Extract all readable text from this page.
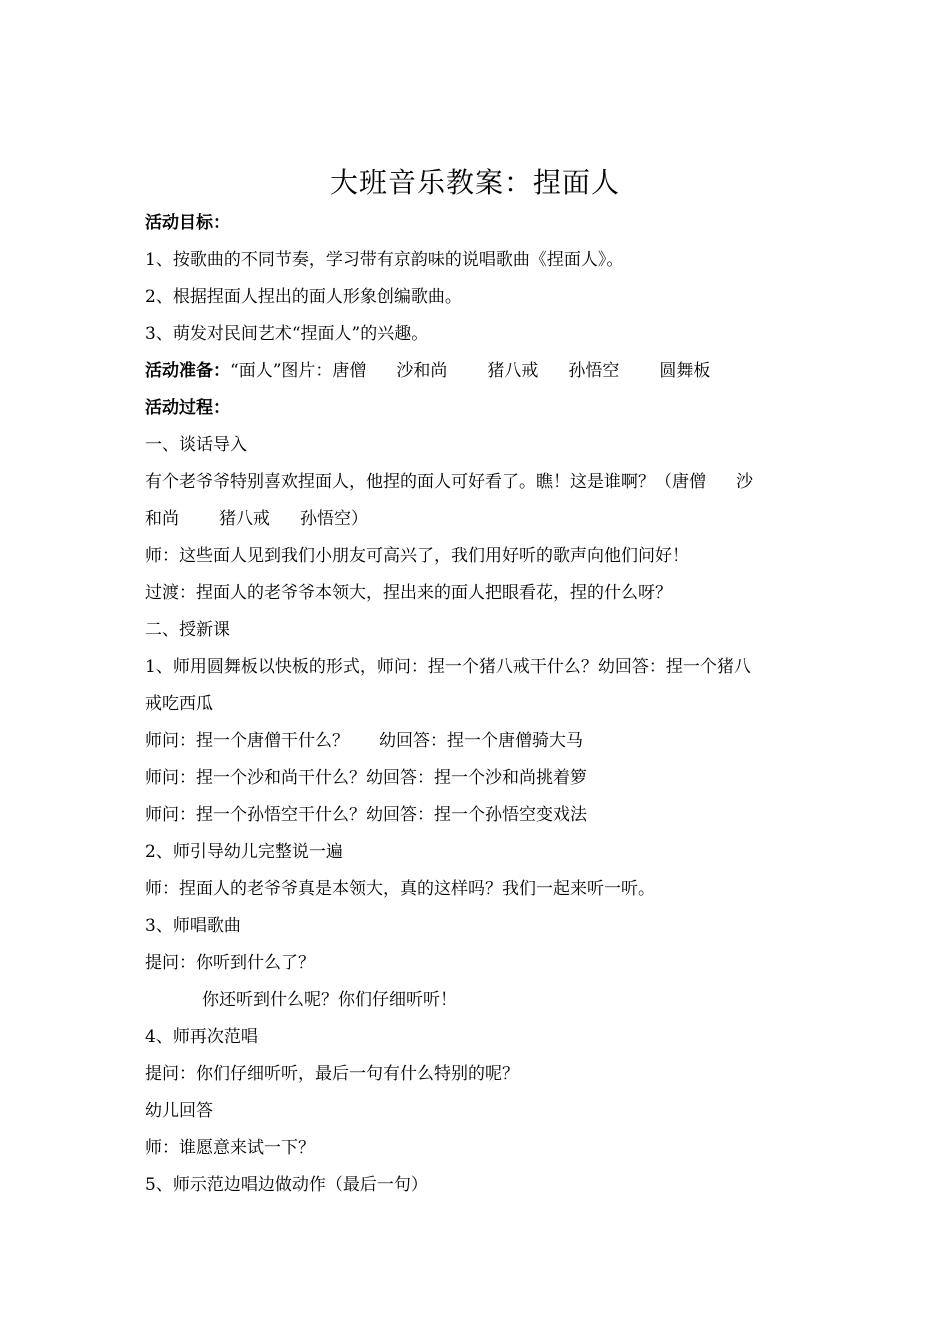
大班音乐教案：捏面人
活动目标：
1、按歌曲的不同节奏，学习带有京韵味的说唱歌曲《捏面人》。
2、根据捏面人捏出的面人形象创编歌曲。
3、萌发对民间艺术“捏面人”的兴趣。
活动准备：“面人”图片：唐僧 沙和尚 猪八戒 孙悟空 圆舞板
活动过程：
一、谈话导入
有个老爷爷特别喜欢捏面人，他捏的面人可好看了。瞧！这是谁啊？（唐僧 沙
和尚 猪八戒 孙悟空）
师：这些面人见到我们小朋友可高兴了，我们用好听的歌声向他们问好！
过渡：捏面人的老爷爷本领大，捏出来的面人把眼看花，捏的什么呀？
二、授新课
1、师用圆舞板以快板的形式，师问：捏一个猪八戒干什么？幼回答：捏一个猪八
戒吃西瓜
师问：捏一个唐僧干什么？ 幼回答：捏一个唐僧骑大马
师问：捏一个沙和尚干什么？幼回答：捏一个沙和尚挑着箩
师问：捏一个孙悟空干什么？幼回答：捏一个孙悟空变戏法
2、师引导幼儿完整说一遍
师：捏面人的老爷爷真是本领大，真的这样吗？我们一起来听一听。
3、师唱歌曲
提问：你听到什么了？
你还听到什么呢？你们仔细听听！
4、师再次范唱
提问：你们仔细听听，最后一句有什么特别的呢？
幼儿回答
师：谁愿意来试一下？
5、师示范边唱边做动作（最后一句）
